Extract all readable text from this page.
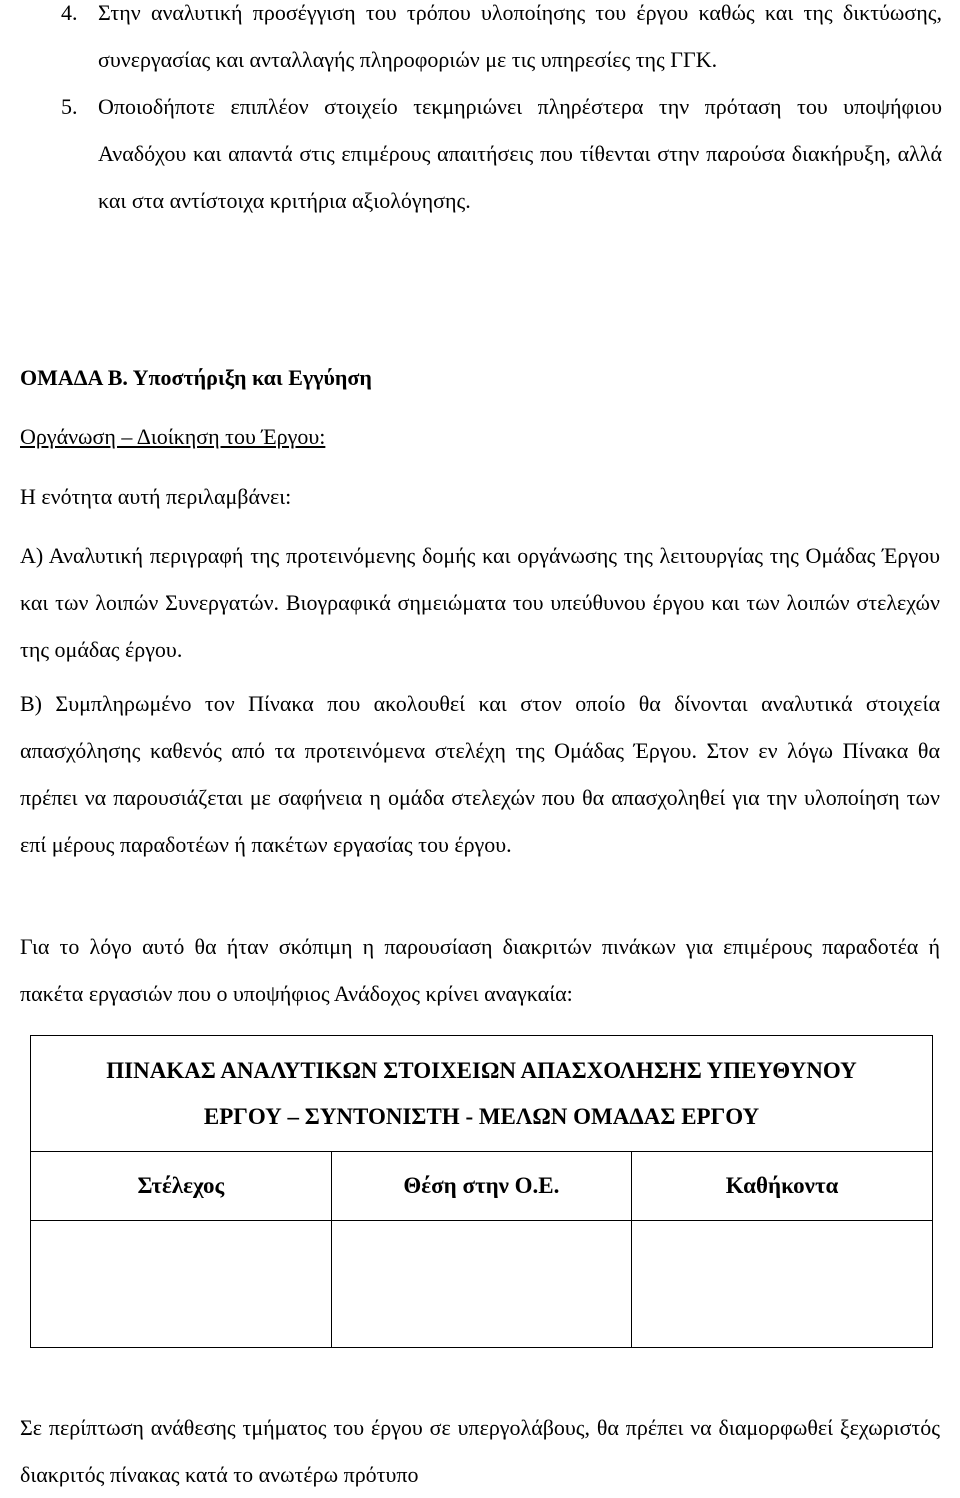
4. Στην αναλυτική προσέγγιση του τρόπου υλοποίησης του έργου καθώς και της δικτύωσης, συνεργασίας και ανταλλαγής πληροφοριών με τις υπηρεσίες της ΓΓΚ.
5. Οποιοδήποτε επιπλέον στοιχείο τεκμηριώνει πληρέστερα την πρόταση του υποψήφιου Αναδόχου και απαντά στις επιμέρους απαιτήσεις που τίθενται στην παρούσα διακήρυξη, αλλά και στα αντίστοιχα κριτήρια αξιολόγησης.
ΟΜΑΔΑ Β. Υποστήριξη και Εγγύηση
Οργάνωση – Διοίκηση του Έργου:
Η ενότητα αυτή περιλαμβάνει:
Α) Αναλυτική περιγραφή της προτεινόμενης δομής και οργάνωσης της λειτουργίας της Ομάδας Έργου και των λοιπών Συνεργατών. Βιογραφικά σημειώματα του υπεύθυνου έργου και των λοιπών στελεχών της ομάδας έργου.
Β) Συμπληρωμένο τον Πίνακα που ακολουθεί και στον οποίο θα δίνονται αναλυτικά στοιχεία απασχόλησης καθενός από τα προτεινόμενα στελέχη της Ομάδας Έργου. Στον εν λόγω Πίνακα θα πρέπει να παρουσιάζεται με σαφήνεια η ομάδα στελεχών που θα απασχοληθεί για την υλοποίηση των επί μέρους παραδοτέων ή πακέτων εργασίας του έργου.
Για το λόγο αυτό θα ήταν σκόπιμη η παρουσίαση διακριτών πινάκων για επιμέρους παραδοτέα ή πακέτα εργασιών που ο υποψήφιος Ανάδοχος κρίνει αναγκαία:
ΠΙΝΑΚΑΣ ΑΝΑΛΥΤΙΚΩΝ ΣΤΟΙΧΕΙΩΝ ΑΠΑΣΧΟΛΗΣΗΣ ΥΠΕΥΘΥΝΟΥ
ΕΡΓΟΥ – ΣΥΝΤΟΝΙΣΤΗ - ΜΕΛΩΝ ΟΜΑΔΑΣ ΕΡΓΟΥ		

Στέλεχος	Θέση στην Ο.Ε.	Καθήκοντα

Σε περίπτωση ανάθεσης τμήματος του έργου σε υπεργολάβους, θα πρέπει να διαμορφωθεί ξεχωριστός διακριτός πίνακας κατά το ανωτέρω πρότυπο
